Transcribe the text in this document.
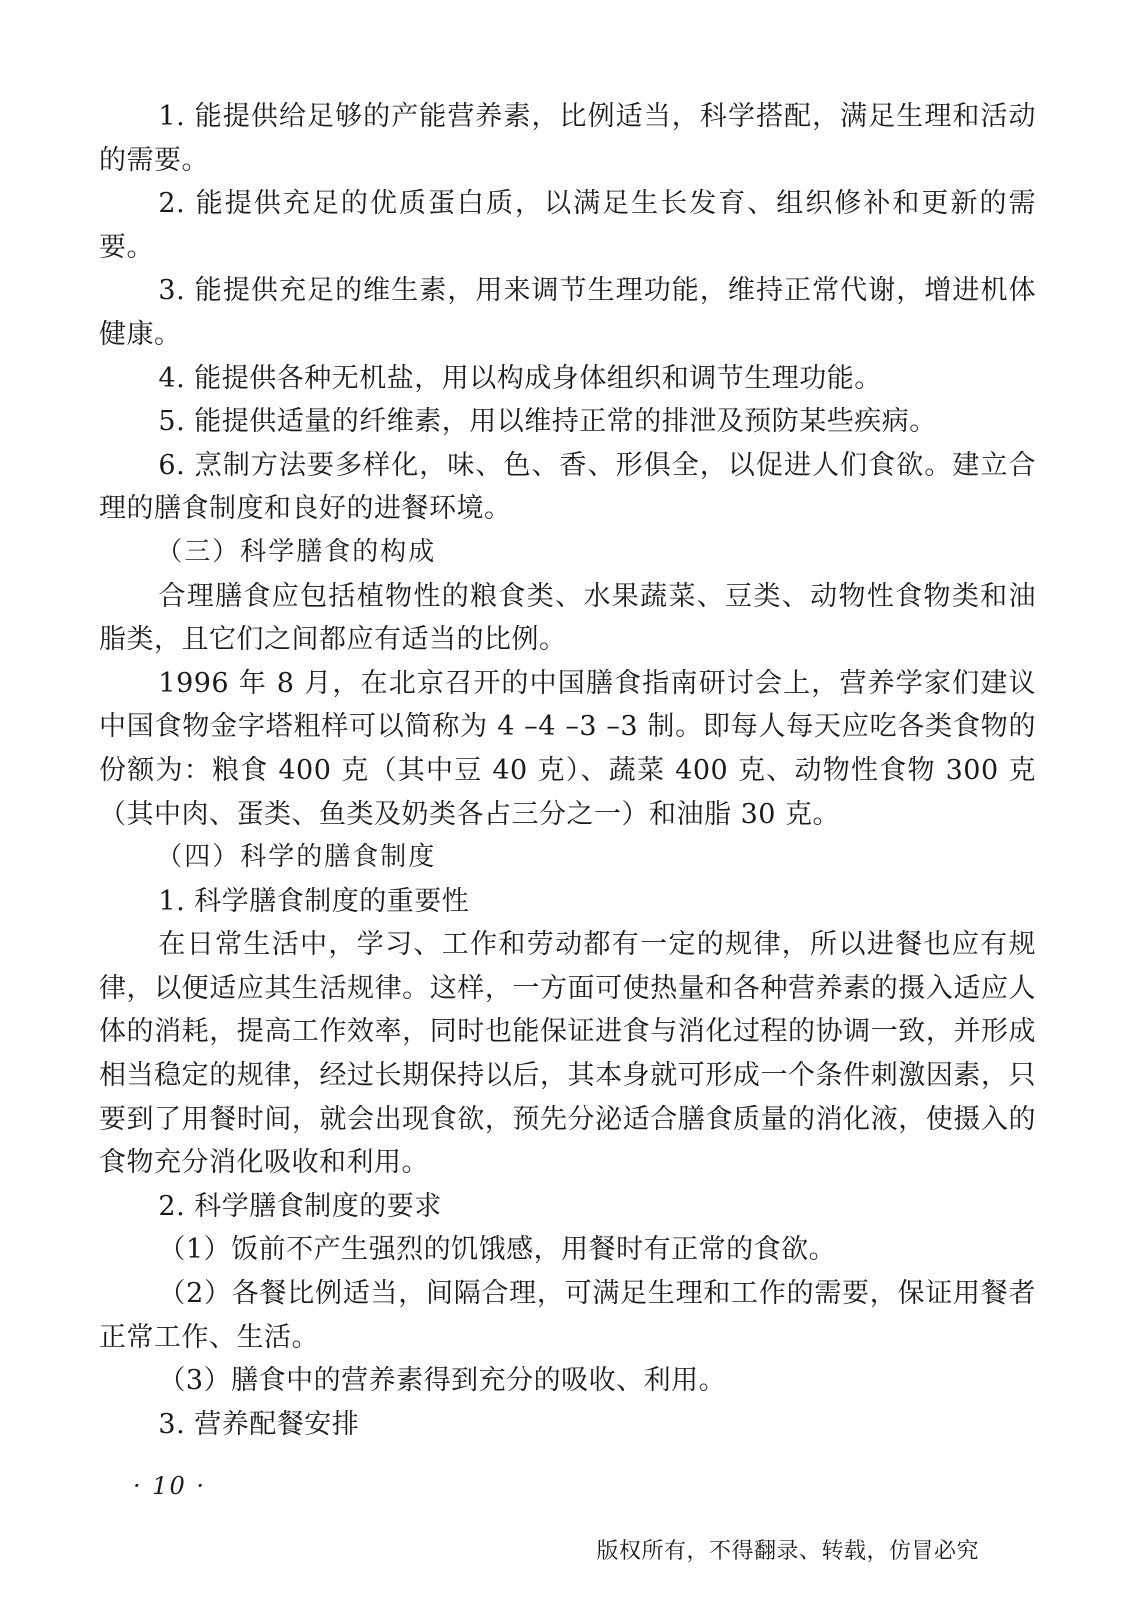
1. 能提供给足够的产能营养素，比例适当，科学搭配，满足生理和活动的需要。

2. 能提供充足的优质蛋白质，以满足生长发育、组织修补和更新的需要。

3. 能提供充足的维生素，用来调节生理功能，维持正常代谢，增进机体健康。

4. 能提供各种无机盐，用以构成身体组织和调节生理功能。

5. 能提供适量的纤维素，用以维持正常的排泄及预防某些疾病。

6. 烹制方法要多样化，味、色、香、形俱全，以促进人们食欲。建立合理的膳食制度和良好的进餐环境。

（三）科学膳食的构成

合理膳食应包括植物性的粮食类、水果蔬菜、豆类、动物性食物类和油脂类，且它们之间都应有适当的比例。

1996 年 8 月，在北京召开的中国膳食指南研讨会上，营养学家们建议中国食物金字塔粗样可以简称为 4 –4 –3 –3 制。即每人每天应吃各类食物的份额为：粮食 400 克（其中豆 40 克）、蔬菜 400 克、动物性食物 300 克（其中肉、蛋类、鱼类及奶类各占三分之一）和油脂 30 克。

（四）科学的膳食制度

1. 科学膳食制度的重要性

在日常生活中，学习、工作和劳动都有一定的规律，所以进餐也应有规律，以便适应其生活规律。这样，一方面可使热量和各种营养素的摄入适应人体的消耗，提高工作效率，同时也能保证进食与消化过程的协调一致，并形成相当稳定的规律，经过长期保持以后，其本身就可形成一个条件刺激因素，只要到了用餐时间，就会出现食欲，预先分泌适合膳食质量的消化液，使摄入的食物充分消化吸收和利用。

2. 科学膳食制度的要求

（1）饭前不产生强烈的饥饿感，用餐时有正常的食欲。

（2）各餐比例适当，间隔合理，可满足生理和工作的需要，保证用餐者正常工作、生活。

（3）膳食中的营养素得到充分的吸收、利用。

3. 营养配餐安排

· 10 ·
版权所有，不得翻录、转载，仿冒必究
